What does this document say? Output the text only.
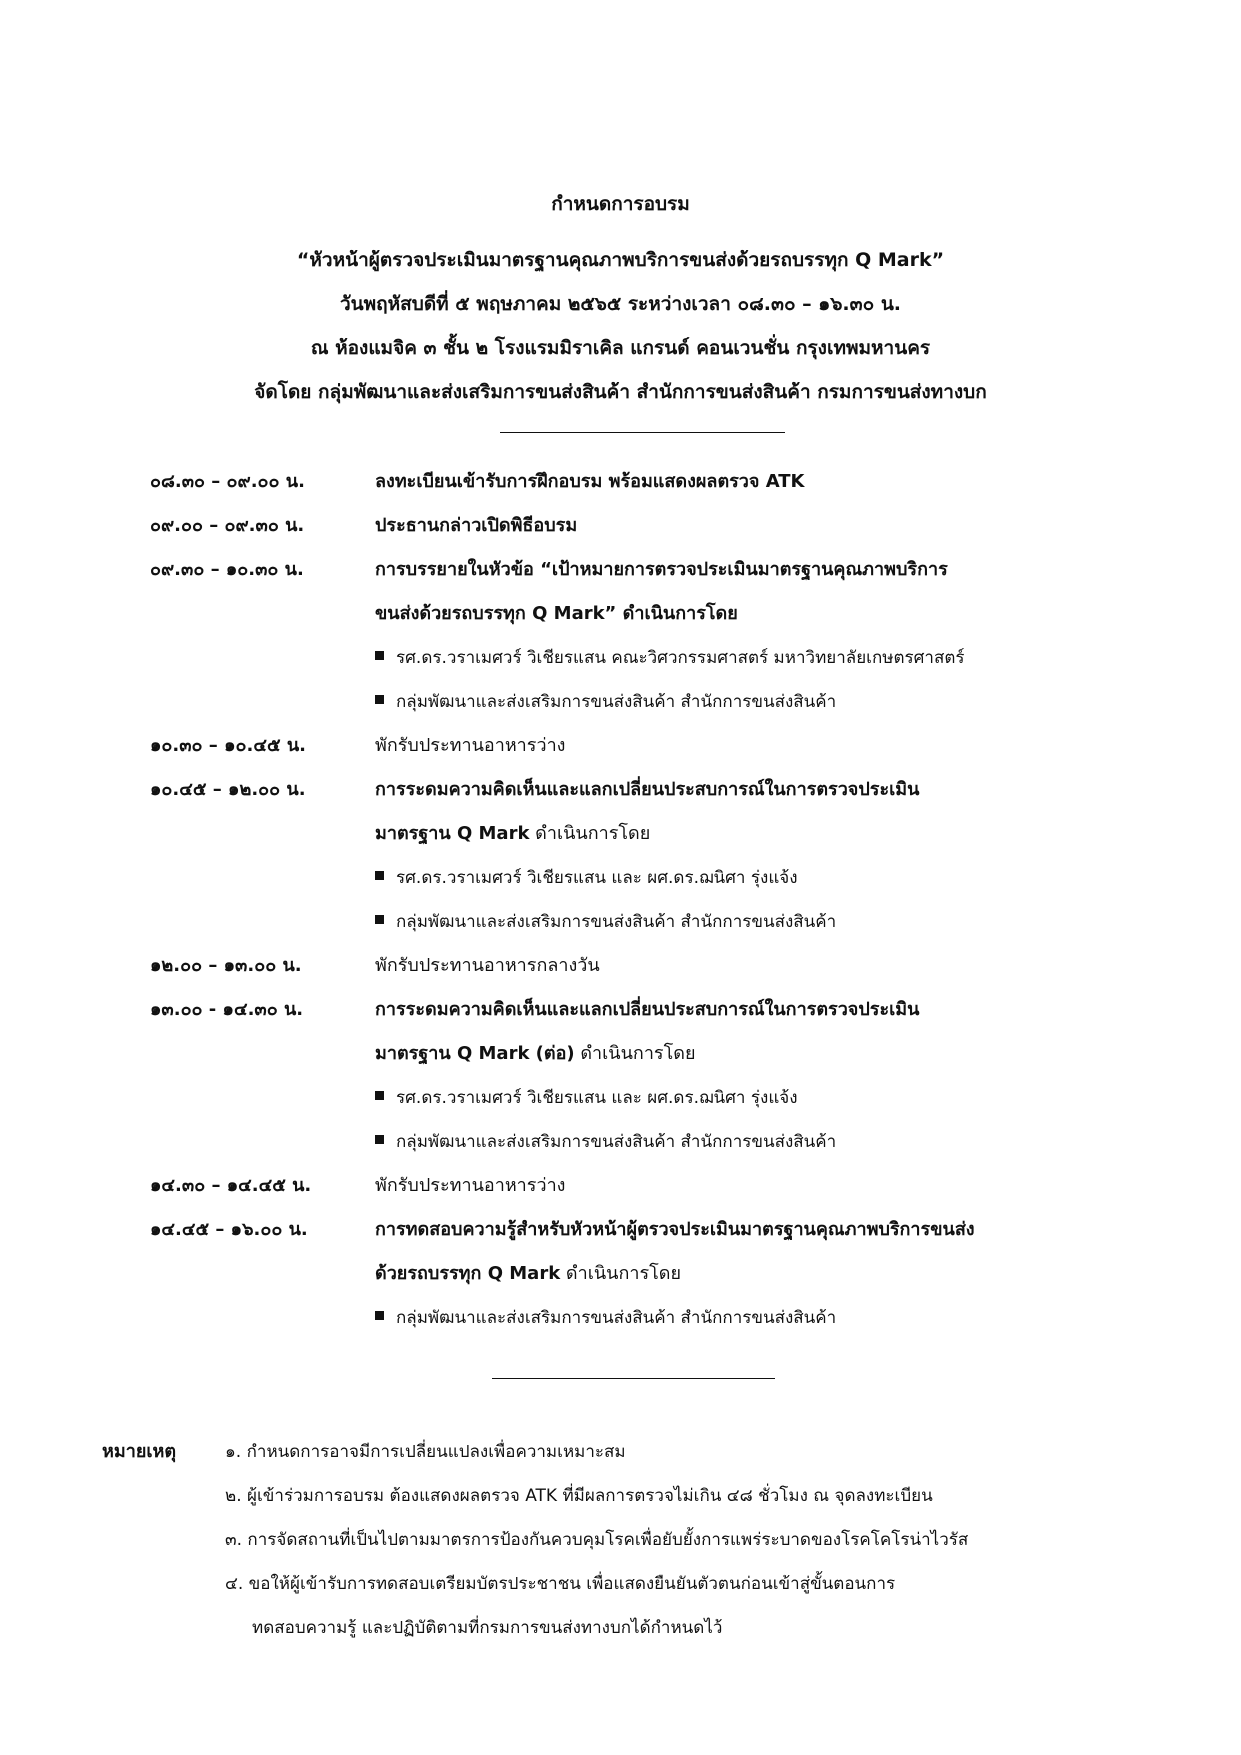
กำหนดการอบรม
“หัวหน้าผู้ตรวจประเมินมาตรฐานคุณภาพบริการขนส่งด้วยรถบรรทุก Q Mark”
วันพฤหัสบดีที่ ๕ พฤษภาคม ๒๕๖๕ ระหว่างเวลา ๐๘.๓๐ – ๑๖.๓๐ น.
ณ ห้องแมจิค ๓ ชั้น ๒ โรงแรมมิราเคิล แกรนด์ คอนเวนชั่น กรุงเทพมหานคร
จัดโดย กลุ่มพัฒนาและส่งเสริมการขนส่งสินค้า สำนักการขนส่งสินค้า กรมการขนส่งทางบก
๐๘.๓๐ – ๐๙.๐๐ น.	ลงทะเบียนเข้ารับการฝึกอบรม พร้อมแสดงผลตรวจ ATK
๐๙.๐๐ – ๐๙.๓๐ น.	ประธานกล่าวเปิดพิธีอบรม
๐๙.๓๐ – ๑๐.๓๐ น.	การบรรยายในหัวข้อ “เป้าหมายการตรวจประเมินมาตรฐานคุณภาพบริการ
ขนส่งด้วยรถบรรทุก Q Mark” ดำเนินการโดย
รศ.ดร.วราเมศวร์ วิเชียรแสน คณะวิศวกรรมศาสตร์ มหาวิทยาลัยเกษตรศาสตร์
กลุ่มพัฒนาและส่งเสริมการขนส่งสินค้า สำนักการขนส่งสินค้า
๑๐.๓๐ – ๑๐.๔๕ น.	พักรับประทานอาหารว่าง
๑๐.๔๕ – ๑๒.๐๐ น.	การระดมความคิดเห็นและแลกเปลี่ยนประสบการณ์ในการตรวจประเมิน
มาตรฐาน Q Mark ดำเนินการโดย
รศ.ดร.วราเมศวร์ วิเชียรแสน และ ผศ.ดร.ฌนิศา รุ่งแจ้ง
กลุ่มพัฒนาและส่งเสริมการขนส่งสินค้า สำนักการขนส่งสินค้า
๑๒.๐๐ – ๑๓.๐๐ น.	พักรับประทานอาหารกลางวัน
๑๓.๐๐ - ๑๔.๓๐ น.	การระดมความคิดเห็นและแลกเปลี่ยนประสบการณ์ในการตรวจประเมิน
มาตรฐาน Q Mark (ต่อ) ดำเนินการโดย
รศ.ดร.วราเมศวร์ วิเชียรแสน และ ผศ.ดร.ฌนิศา รุ่งแจ้ง
กลุ่มพัฒนาและส่งเสริมการขนส่งสินค้า สำนักการขนส่งสินค้า
๑๔.๓๐ – ๑๔.๔๕ น.	พักรับประทานอาหารว่าง
๑๔.๔๕ – ๑๖.๐๐ น.	การทดสอบความรู้สำหรับหัวหน้าผู้ตรวจประเมินมาตรฐานคุณภาพบริการขนส่ง
ด้วยรถบรรทุก Q Mark ดำเนินการโดย
กลุ่มพัฒนาและส่งเสริมการขนส่งสินค้า สำนักการขนส่งสินค้า
หมายเหตุ	๑. กำหนดการอาจมีการเปลี่ยนแปลงเพื่อความเหมาะสม
๒. ผู้เข้าร่วมการอบรม ต้องแสดงผลตรวจ ATK ที่มีผลการตรวจไม่เกิน ๔๘ ชั่วโมง ณ จุดลงทะเบียน
๓. การจัดสถานที่เป็นไปตามมาตรการป้องกันควบคุมโรคเพื่อยับยั้งการแพร่ระบาดของโรคโคโรน่าไวรัส
๔. ขอให้ผู้เข้ารับการทดสอบเตรียมบัตรประชาชน เพื่อแสดงยืนยันตัวตนก่อนเข้าสู่ขั้นตอนการ
ทดสอบความรู้ และปฏิบัติตามที่กรมการขนส่งทางบกได้กำหนดไว้
